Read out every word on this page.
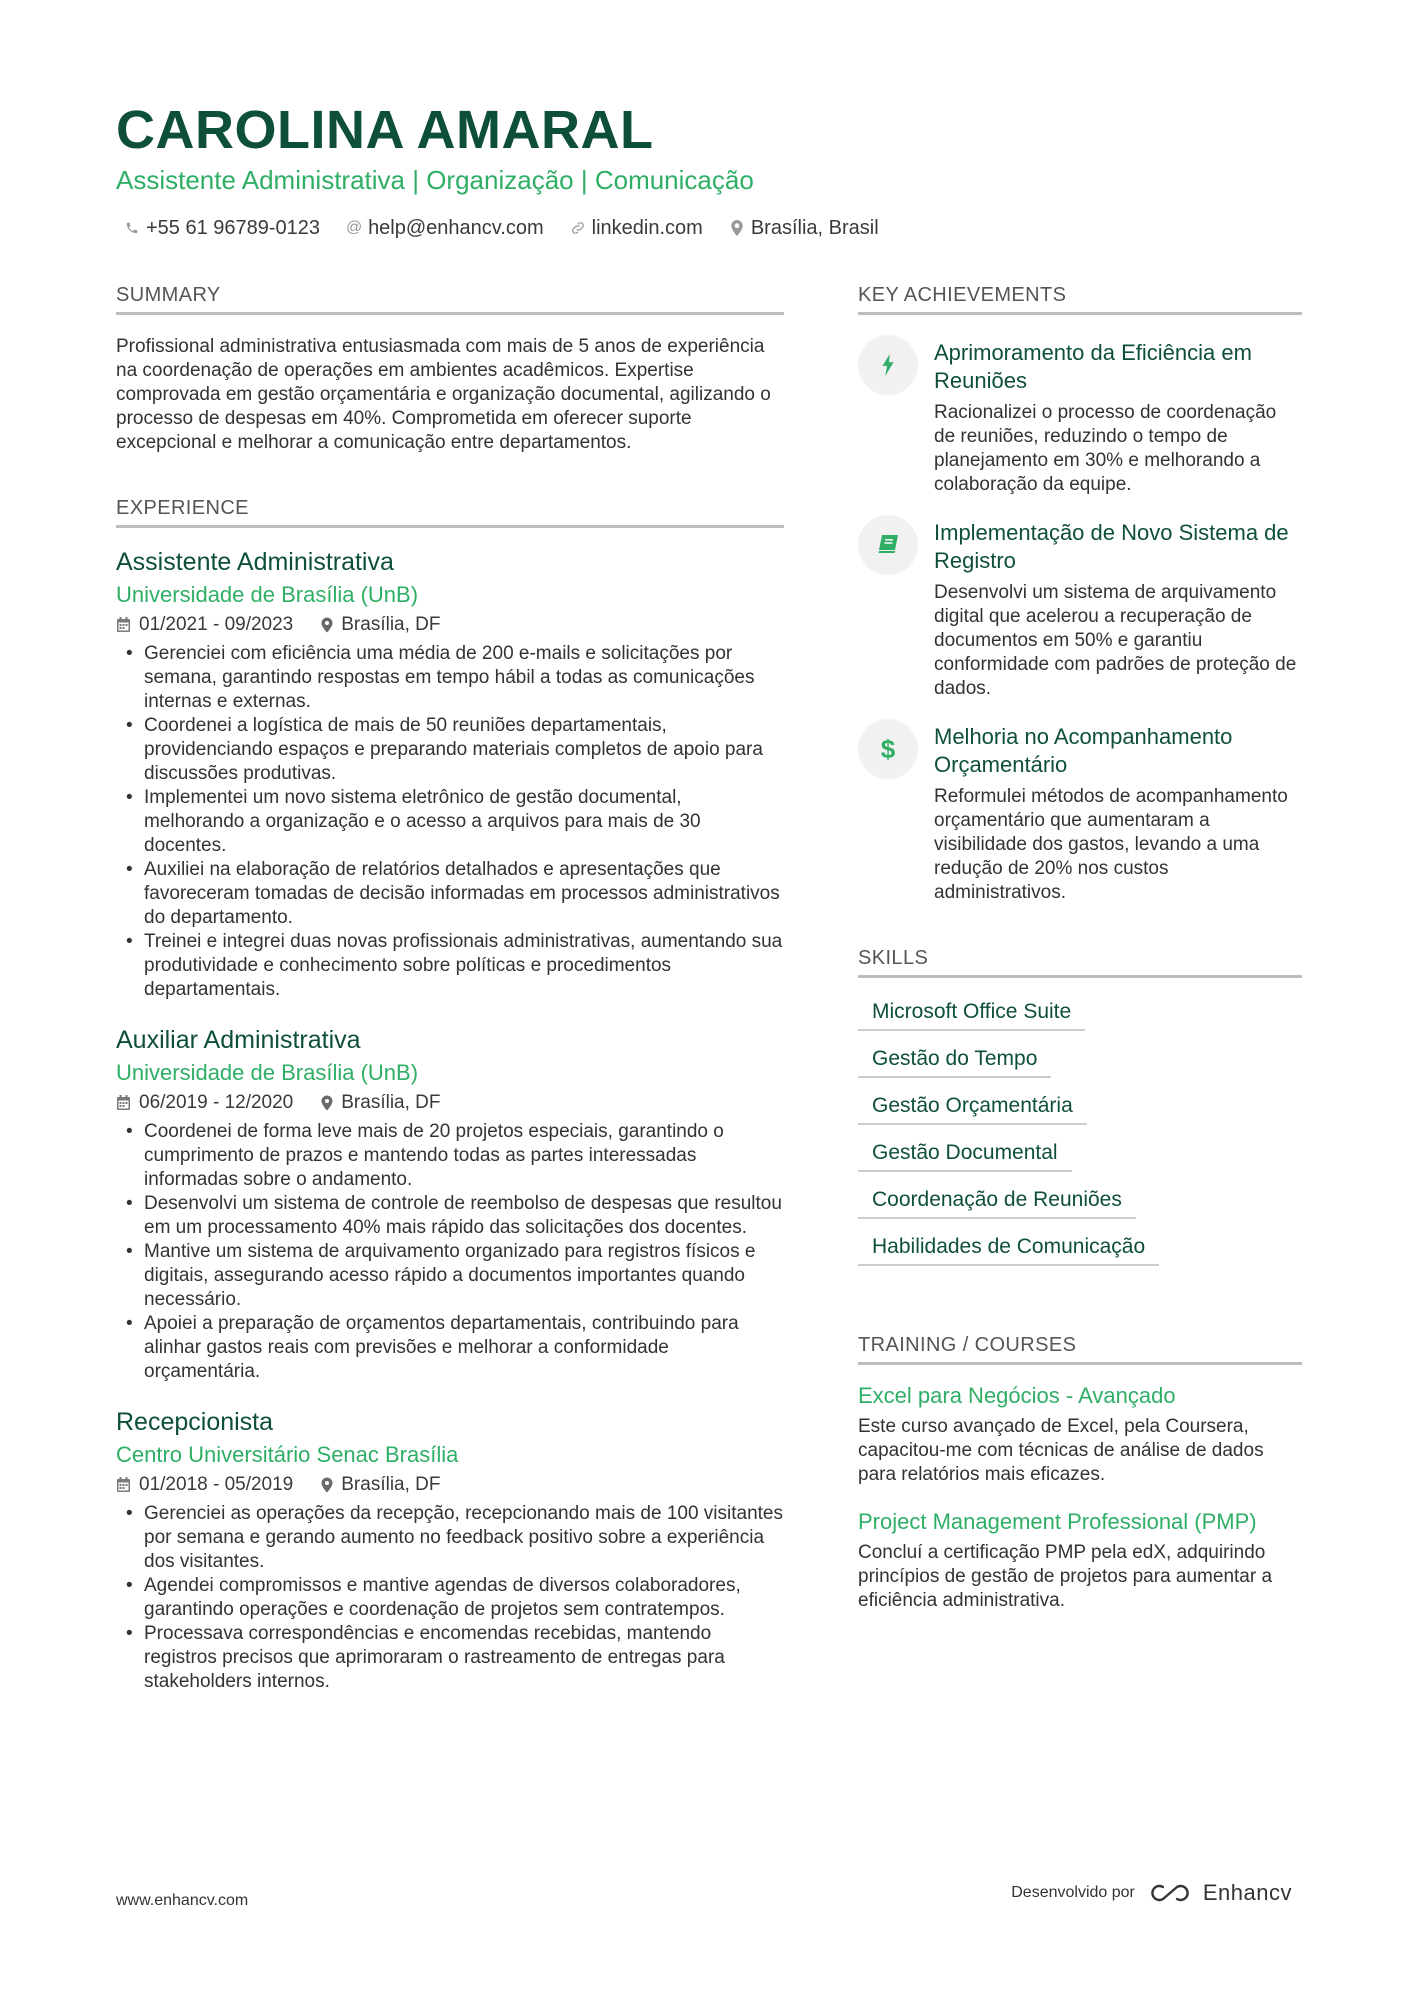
CAROLINA AMARAL
Assistente Administrativa | Organização | Comunicação
+55 61 96789-0123 @ help@enhancv.com linkedin.com Brasília, Brasil
SUMMARY
Profissional administrativa entusiasmada com mais de 5 anos de experiência na coordenação de operações em ambientes acadêmicos. Expertise comprovada em gestão orçamentária e organização documental, agilizando o processo de despesas em 40%. Comprometida em oferecer suporte excepcional e melhorar a comunicação entre departamentos.
EXPERIENCE
Assistente Administrativa
Universidade de Brasília (UnB)
01/2021 - 09/2023	Brasília, DF
• Gerenciei com eficiência uma média de 200 e-mails e solicitações por semana, garantindo respostas em tempo hábil a todas as comunicações internas e externas.
• Coordenei a logística de mais de 50 reuniões departamentais, providenciando espaços e preparando materiais completos de apoio para discussões produtivas.
• Implementei um novo sistema eletrônico de gestão documental, melhorando a organização e o acesso a arquivos para mais de 30 docentes.
• Auxiliei na elaboração de relatórios detalhados e apresentações que favoreceram tomadas de decisão informadas em processos administrativos do departamento.
• Treinei e integrei duas novas profissionais administrativas, aumentando sua produtividade e conhecimento sobre políticas e procedimentos departamentais.
Auxiliar Administrativa
Universidade de Brasília (UnB)
06/2019 - 12/2020	Brasília, DF
• Coordenei de forma leve mais de 20 projetos especiais, garantindo o cumprimento de prazos e mantendo todas as partes interessadas informadas sobre o andamento.
• Desenvolvi um sistema de controle de reembolso de despesas que resultou em um processamento 40% mais rápido das solicitações dos docentes.
• Mantive um sistema de arquivamento organizado para registros físicos e digitais, assegurando acesso rápido a documentos importantes quando necessário.
• Apoiei a preparação de orçamentos departamentais, contribuindo para alinhar gastos reais com previsões e melhorar a conformidade orçamentária.
Recepcionista
Centro Universitário Senac Brasília
01/2018 - 05/2019	Brasília, DF
• Gerenciei as operações da recepção, recepcionando mais de 100 visitantes por semana e gerando aumento no feedback positivo sobre a experiência dos visitantes.
• Agendei compromissos e mantive agendas de diversos colaboradores, garantindo operações e coordenação de projetos sem contratempos.
• Processava correspondências e encomendas recebidas, mantendo registros precisos que aprimoraram o rastreamento de entregas para stakeholders internos.
KEY ACHIEVEMENTS
Aprimoramento da Eficiência em Reuniões
Racionalizei o processo de coordenação de reuniões, reduzindo o tempo de planejamento em 30% e melhorando a colaboração da equipe.
Implementação de Novo Sistema de Registro
Desenvolvi um sistema de arquivamento digital que acelerou a recuperação de documentos em 50% e garantiu conformidade com padrões de proteção de dados.
$	Melhoria no Acompanhamento Orçamentário
Reformulei métodos de acompanhamento orçamentário que aumentaram a visibilidade dos gastos, levando a uma redução de 20% nos custos administrativos.
SKILLS
Microsoft Office Suite
Gestão do Tempo
Gestão Orçamentária
Gestão Documental
Coordenação de Reuniões
Habilidades de Comunicação
TRAINING / COURSES
Excel para Negócios - Avançado
Este curso avançado de Excel, pela Coursera, capacitou-me com técnicas de análise de dados para relatórios mais eficazes.
Project Management Professional (PMP)
Concluí a certificação PMP pela edX, adquirindo princípios de gestão de projetos para aumentar a eficiência administrativa.
www.enhancv.com	Desenvolvido por	Enhancv
